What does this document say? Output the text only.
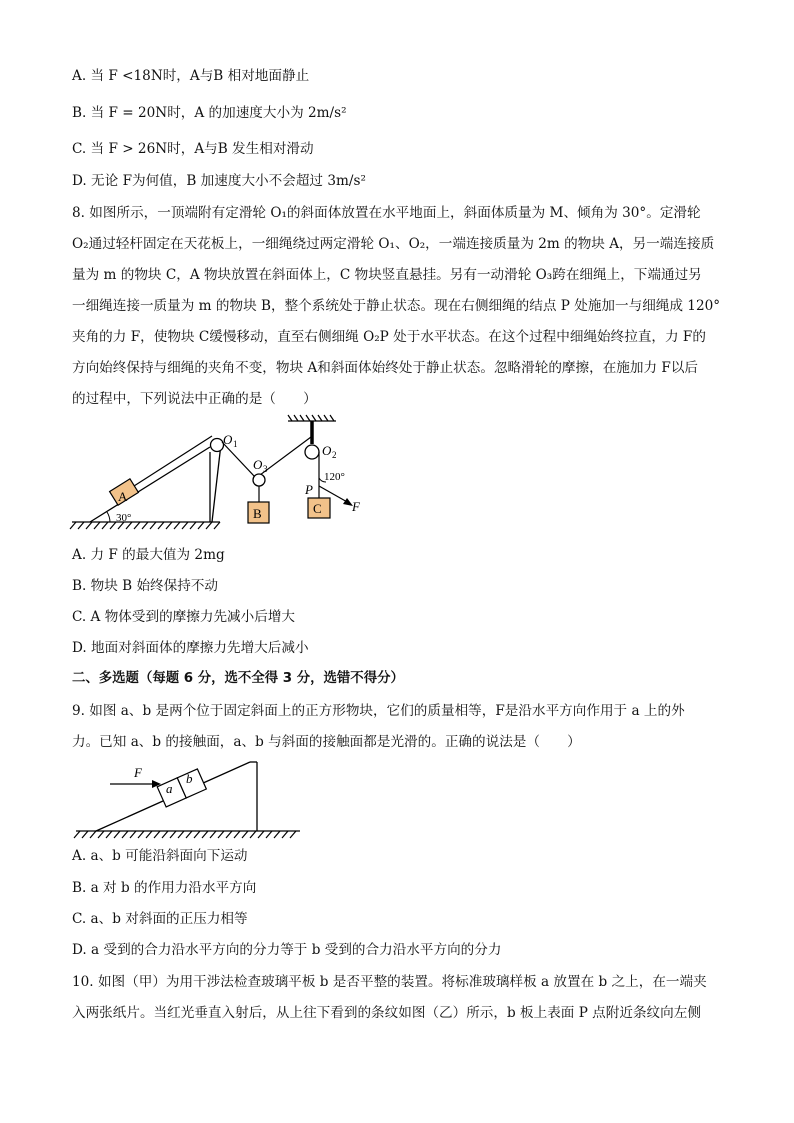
A. 当 F <18N时，A与B 相对地面静止
B. 当 F = 20N时，A 的加速度大小为 2m/s²
C. 当 F > 26N时，A与B 发生相对滑动
D. 无论 F为何值，B 加速度大小不会超过 3m/s²
8. 如图所示，一顶端附有定滑轮 O₁的斜面体放置在水平地面上，斜面体质量为 M、倾角为 30°。定滑轮
O₂通过轻杆固定在天花板上，一细绳绕过两定滑轮 O₁、O₂，一端连接质量为 2m 的物块 A，另一端连接质
量为 m 的物块 C，A 物块放置在斜面体上，C 物块竖直悬挂。另有一动滑轮 O₃跨在细绳上，下端通过另
一细绳连接一质量为 m 的物块 B，整个系统处于静止状态。现在右侧细绳的结点 P 处施加一与细绳成 120°
夹角的力 F，使物块 C缓慢移动，直至右侧细绳 O₂P 处于水平状态。在这个过程中细绳始终拉直，力 F的
方向始终保持与细绳的夹角不变，物块 A和斜面体始终处于静止状态。忽略滑轮的摩擦，在施加力 F以后
的过程中，下列说法中正确的是（　　）
30°
A
O 1
O 3
B
O 2
P
120°
F
C
A. 力 F 的最大值为 2mg
B. 物块 B 始终保持不动
C. A 物体受到的摩擦力先减小后增大
D. 地面对斜面体的摩擦力先增大后减小
二、多选题（每题 6 分，选不全得 3 分，选错不得分）
9. 如图 a、b 是两个位于固定斜面上的正方形物块，它们的质量相等，F是沿水平方向作用于 a 上的外
力。已知 a、b 的接触面，a、b 与斜面的接触面都是光滑的。正确的说法是（　　）
a
b
F
A. a、b 可能沿斜面向下运动
B. a 对 b 的作用力沿水平方向
C. a、b 对斜面的正压力相等
D. a 受到的合力沿水平方向的分力等于 b 受到的合力沿水平方向的分力
10. 如图（甲）为用干涉法检查玻璃平板 b 是否平整的装置。将标准玻璃样板 a 放置在 b 之上，在一端夹
入两张纸片。当红光垂直入射后，从上往下看到的条纹如图（乙）所示，b 板上表面 P 点附近条纹向左侧
